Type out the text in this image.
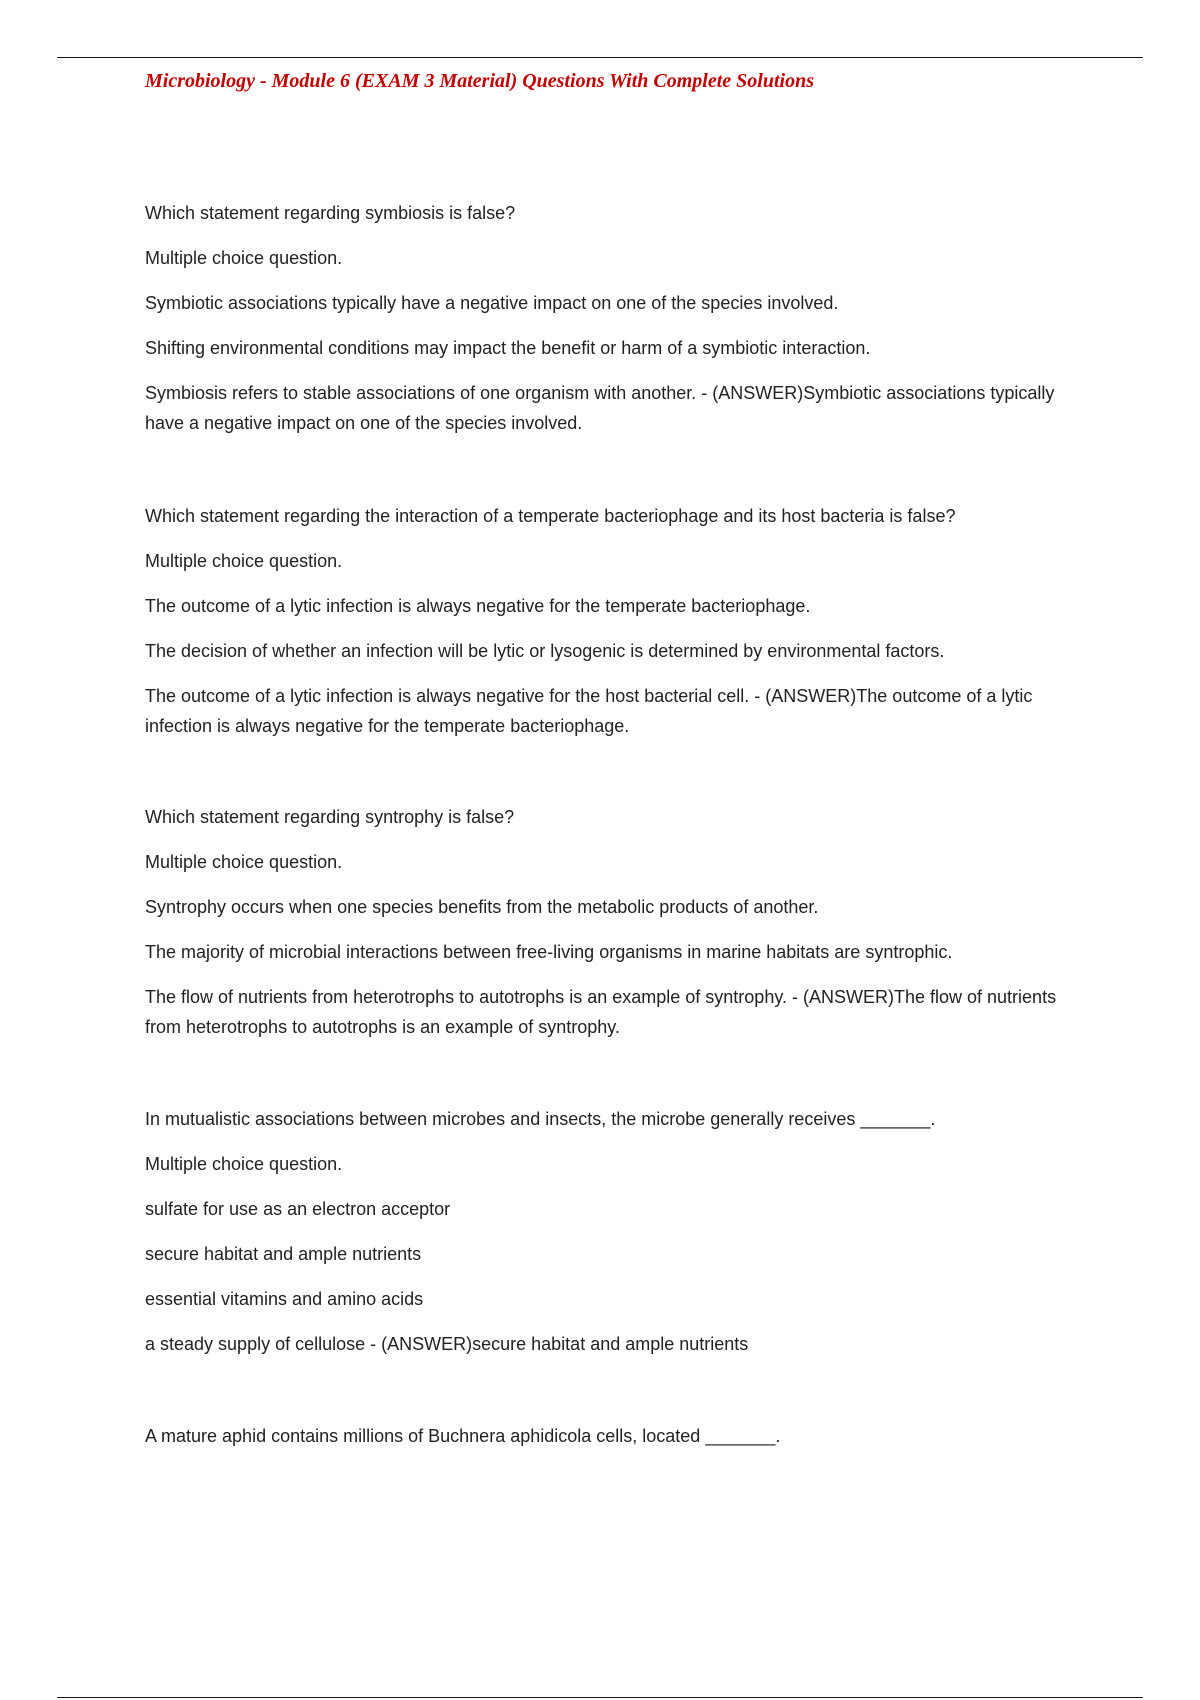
Microbiology - Module 6 (EXAM 3 Material) Questions With Complete Solutions

Which statement regarding symbiosis is false?

Multiple choice question.

Symbiotic associations typically have a negative impact on one of the species involved.

Shifting environmental conditions may impact the benefit or harm of a symbiotic interaction.

Symbiosis refers to stable associations of one organism with another. - (ANSWER)Symbiotic associations typically have a negative impact on one of the species involved.

Which statement regarding the interaction of a temperate bacteriophage and its host bacteria is false?

Multiple choice question.

The outcome of a lytic infection is always negative for the temperate bacteriophage.

The decision of whether an infection will be lytic or lysogenic is determined by environmental factors.

The outcome of a lytic infection is always negative for the host bacterial cell. - (ANSWER)The outcome of a lytic infection is always negative for the temperate bacteriophage.

Which statement regarding syntrophy is false?

Multiple choice question.

Syntrophy occurs when one species benefits from the metabolic products of another.

The majority of microbial interactions between free-living organisms in marine habitats are syntrophic.

The flow of nutrients from heterotrophs to autotrophs is an example of syntrophy. - (ANSWER)The flow of nutrients from heterotrophs to autotrophs is an example of syntrophy.

In mutualistic associations between microbes and insects, the microbe generally receives _______.

Multiple choice question.

sulfate for use as an electron acceptor

secure habitat and ample nutrients

essential vitamins and amino acids

a steady supply of cellulose - (ANSWER)secure habitat and ample nutrients

A mature aphid contains millions of Buchnera aphidicola cells, located _______.
